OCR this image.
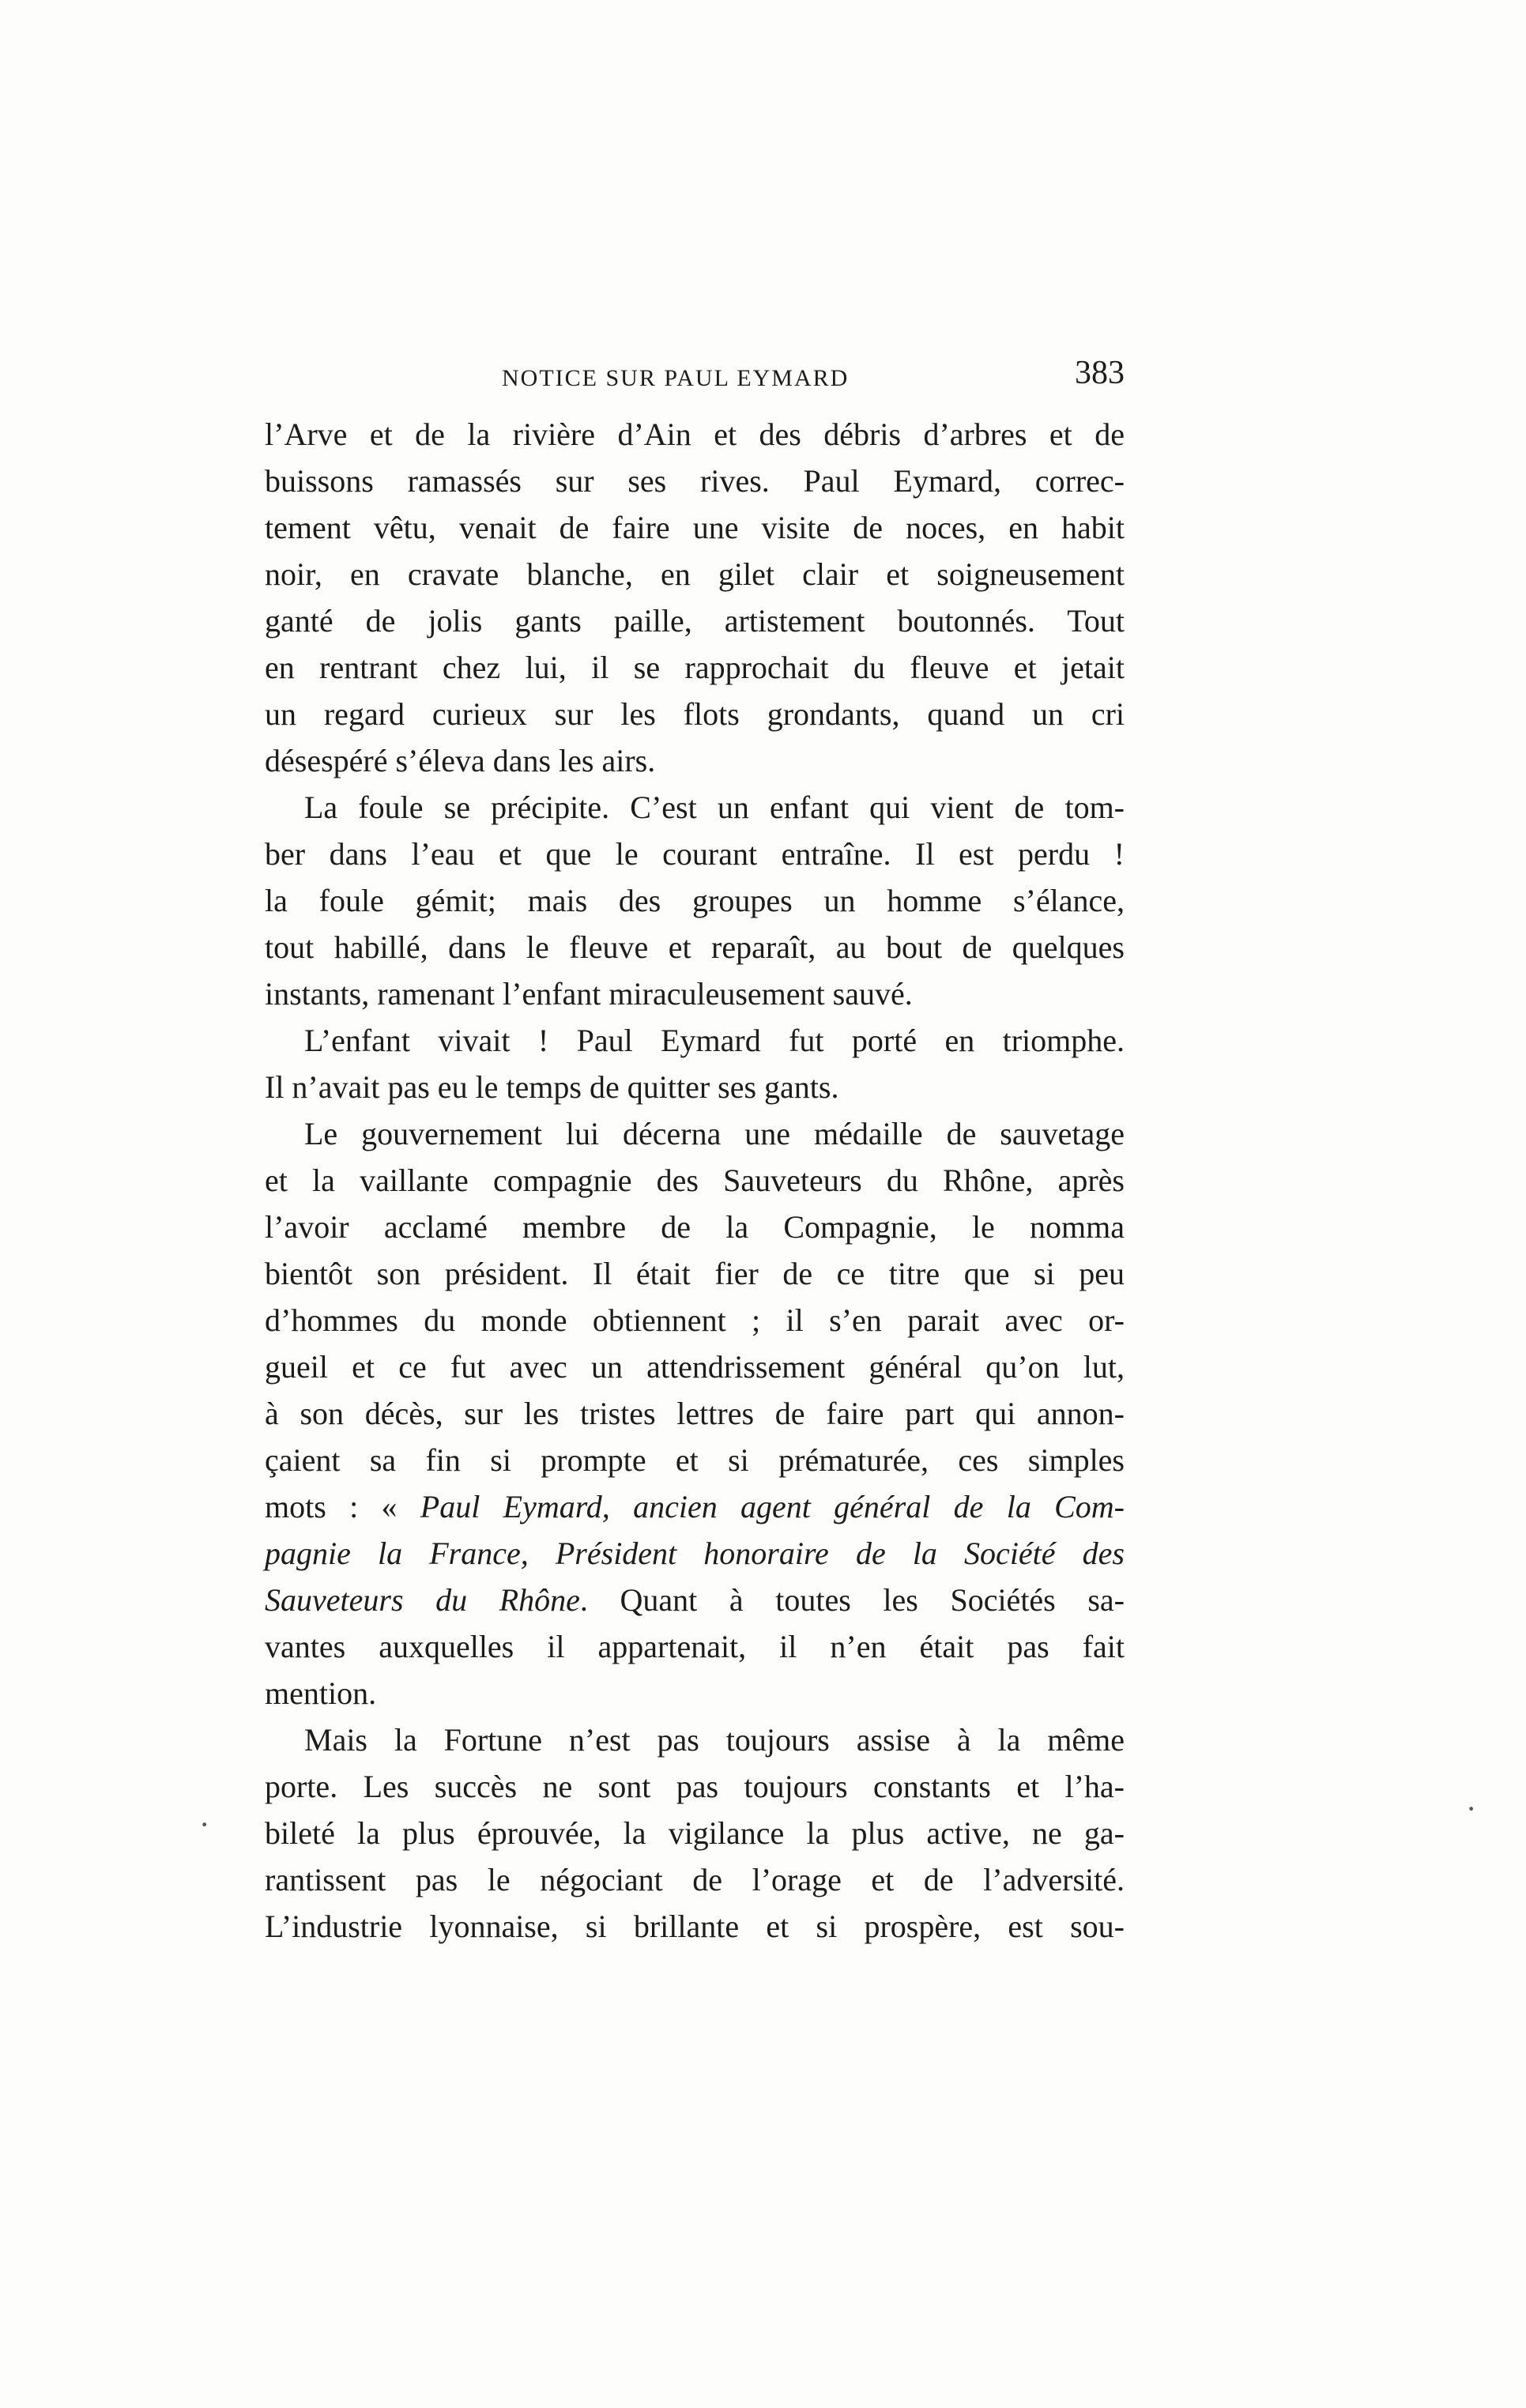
NOTICE SUR PAUL EYMARD	383
l’Arve et de la rivière d’Ain et des débris d’arbres et de
buissons ramassés sur ses rives. Paul Eymard, correc-
tement vêtu, venait de faire une visite de noces, en habit
noir, en cravate blanche, en gilet clair et soigneusement
ganté de jolis gants paille, artistement boutonnés. Tout
en rentrant chez lui, il se rapprochait du fleuve et jetait
un regard curieux sur les flots grondants, quand un cri
désespéré s’éleva dans les airs.
La foule se précipite. C’est un enfant qui vient de tom-
ber dans l’eau et que le courant entraîne. Il est perdu !
la foule gémit; mais des groupes un homme s’élance,
tout habillé, dans le fleuve et reparaît, au bout de quelques
instants, ramenant l’enfant miraculeusement sauvé.
L’enfant vivait ! Paul Eymard fut porté en triomphe.
Il n’avait pas eu le temps de quitter ses gants.
Le gouvernement lui décerna une médaille de sauvetage
et la vaillante compagnie des Sauveteurs du Rhône, après
l’avoir acclamé membre de la Compagnie, le nomma
bientôt son président. Il était fier de ce titre que si peu
d’hommes du monde obtiennent ; il s’en parait avec or-
gueil et ce fut avec un attendrissement général qu’on lut,
à son décès, sur les tristes lettres de faire part qui annon-
çaient sa fin si prompte et si prématurée, ces simples
mots : « Paul Eymard, ancien agent général de la Com-
pagnie la France, Président honoraire de la Société des
Sauveteurs du Rhône. Quant à toutes les Sociétés sa-
vantes auxquelles il appartenait, il n’en était pas fait
mention.
Mais la Fortune n’est pas toujours assise à la même
porte. Les succès ne sont pas toujours constants et l’ha-
bileté la plus éprouvée, la vigilance la plus active, ne ga-
rantissent pas le négociant de l’orage et de l’adversité.
L’industrie lyonnaise, si brillante et si prospère, est sou-
·
·
